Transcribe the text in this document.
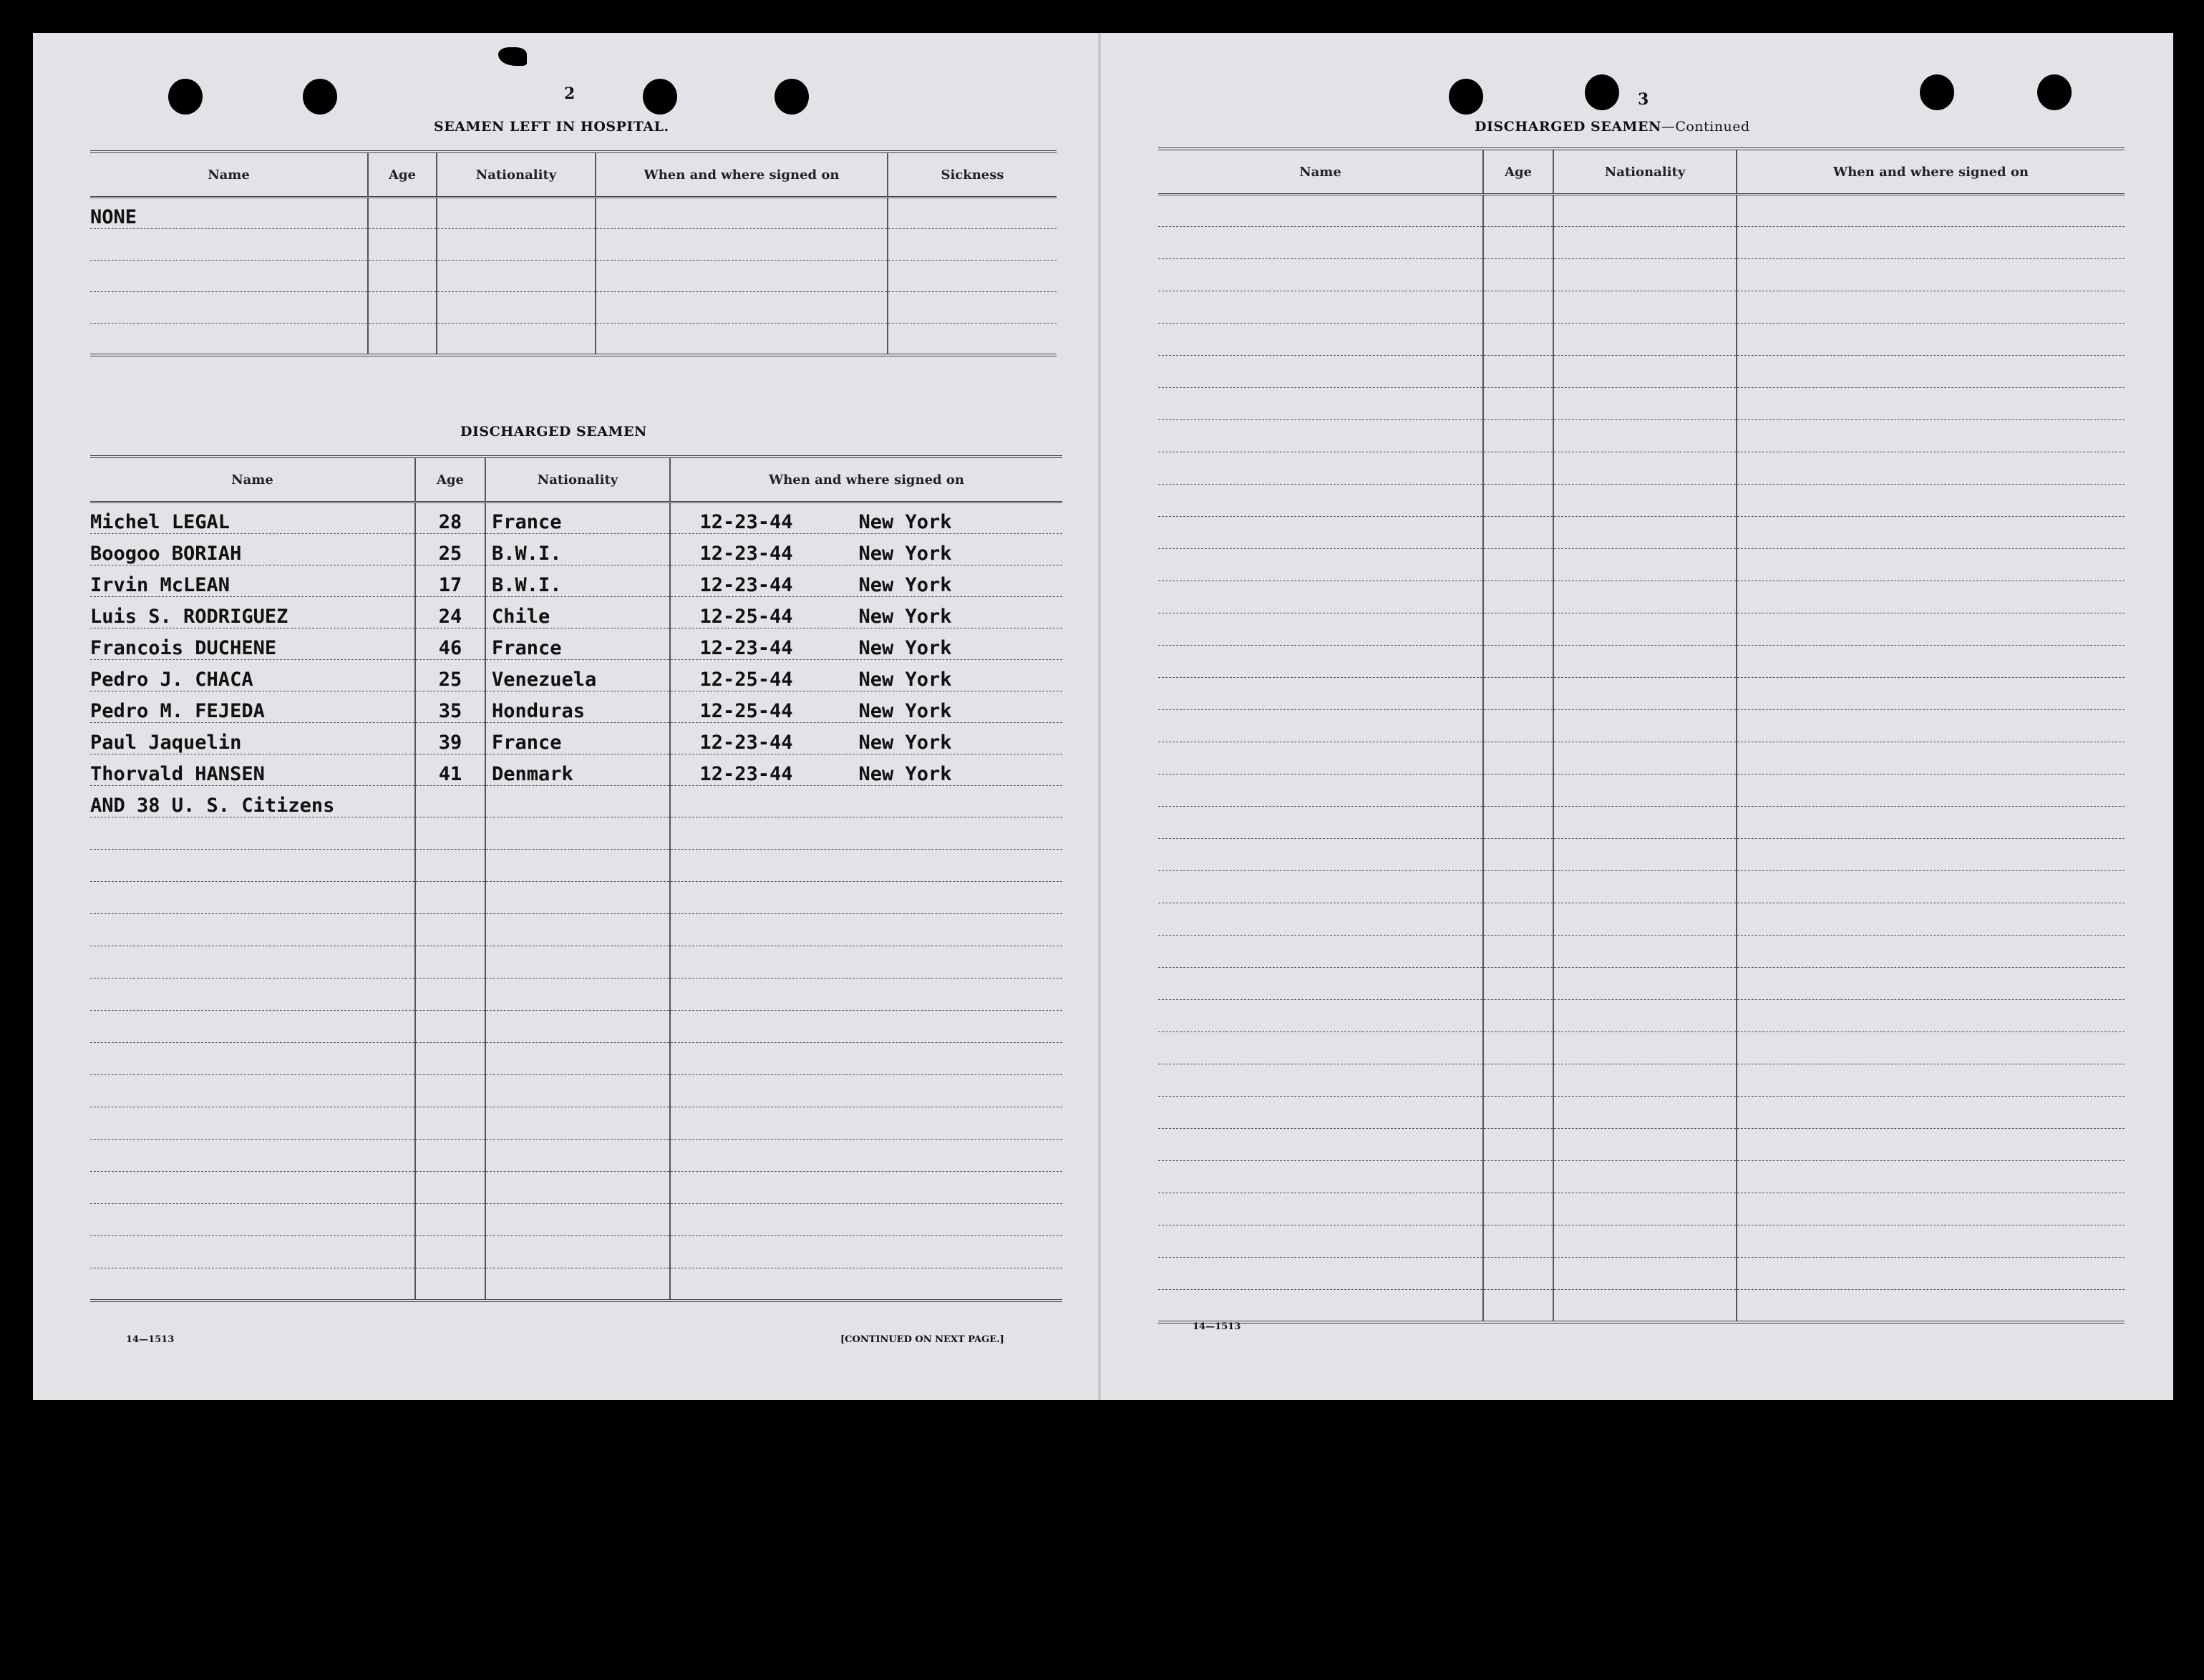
2
SEAMEN LEFT IN HOSPITAL.
Name	Age	Nationality	When and where signed on	Sickness
NONE				

DISCHARGED SEAMEN
Name	Age	Nationality	When and where signed on
Michel LEGAL	28	France	12-23-44 New York
Boogoo BORIAH	25	B.W.I.	12-23-44 New York
Irvin McLEAN	17	B.W.I.	12-23-44 New York
Luis S. RODRIGUEZ	24	Chile	12-25-44 New York
Francois DUCHENE	46	France	12-23-44 New York
Pedro J. CHACA	25	Venezuela	12-25-44 New York
Pedro M. FEJEDA	35	Honduras	12-25-44 New York
Paul Jaquelin	39	France	12-23-44 New York
Thorvald HANSEN	41	Denmark	12-23-44 New York
AND 38 U. S. Citizens			

14—1513	[CONTINUED ON NEXT PAGE.]
3
DISCHARGED SEAMEN—Continued
Name	Age	Nationality	When and where signed on

14—1513
